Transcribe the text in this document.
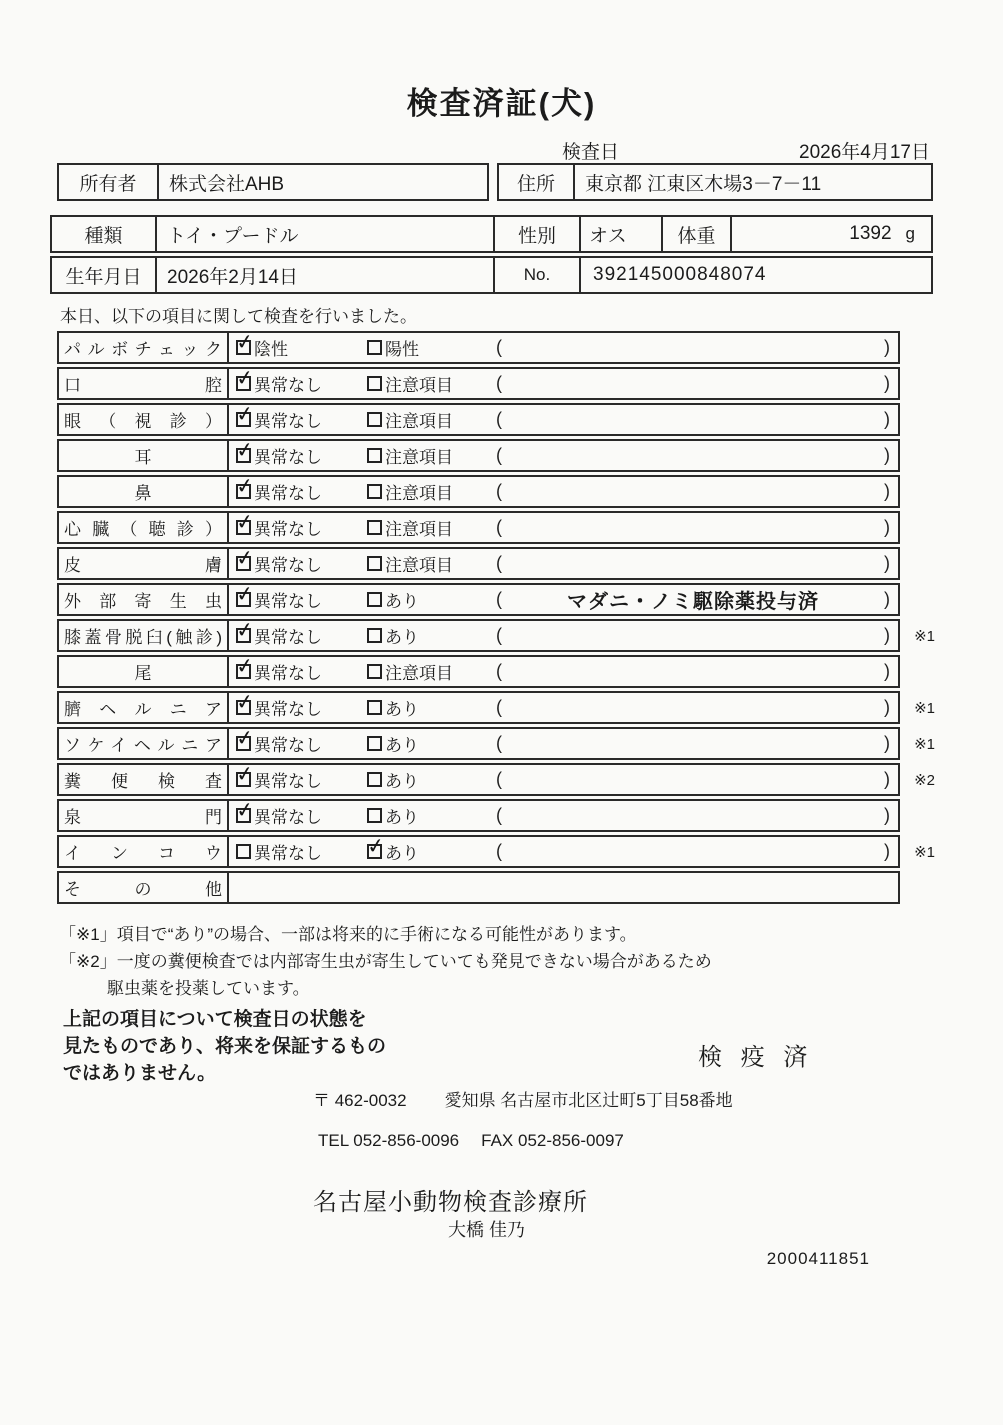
検査済証(犬)
検査日	2026年4月17日
所有者	株式会社AHB	住所	東京都 江東区木場3－7－11
種類	トイ・プードル	性別	オス	体重	1392 g
生年月日	2026年2月14日	No.	392145000848074
本日、以下の項目に関して検査を行いました。
パルボチェック ✓ 陰性	陽性	(	)
口腔 ✓ 異常なし	注意項目 (	)
眼（視診） ✓ 異常なし	注意項目 (	)
耳	✓ 異常なし	注意項目 (	)
鼻	✓ 異常なし	注意項目 (	)
心臓（聴診） ✓ 異常なし	注意項目 (	)
皮膚 ✓ 異常なし	注意項目 (	)
外部寄生虫 ✓ 異常なし	あり	(	マダニ・ノミ駆除薬投与済	)
膝蓋骨脱臼(触診) ✓ 異常なし	あり	(	)	※1
尾	✓ 異常なし	注意項目 (	)
臍ヘルニア ✓ 異常なし	あり	(	)	※1
ソケイヘルニア ✓ 異常なし	あり	(	)	※1
糞便検査 ✓ 異常なし	あり	(	)	※2
泉門 ✓ 異常なし	あり	(	)
インコウ 異常なし ✓ あり	(	)	※1
その他
「※1」項目で“あり”の場合、一部は将来的に手術になる可能性があります。
「※2」一度の糞便検査では内部寄生虫が寄生していても発見できない場合があるため
駆虫薬を投薬しています。
上記の項目について検査日の状態を
見たものであり、将来を保証するもの
ではありません。
検 疫 済
〒 462-0032 愛知県 名古屋市北区辻町5丁目58番地
TEL 052-856-0096 FAX 052-856-0097
名古屋小動物検査診療所
大橋 佳乃
2000411851
